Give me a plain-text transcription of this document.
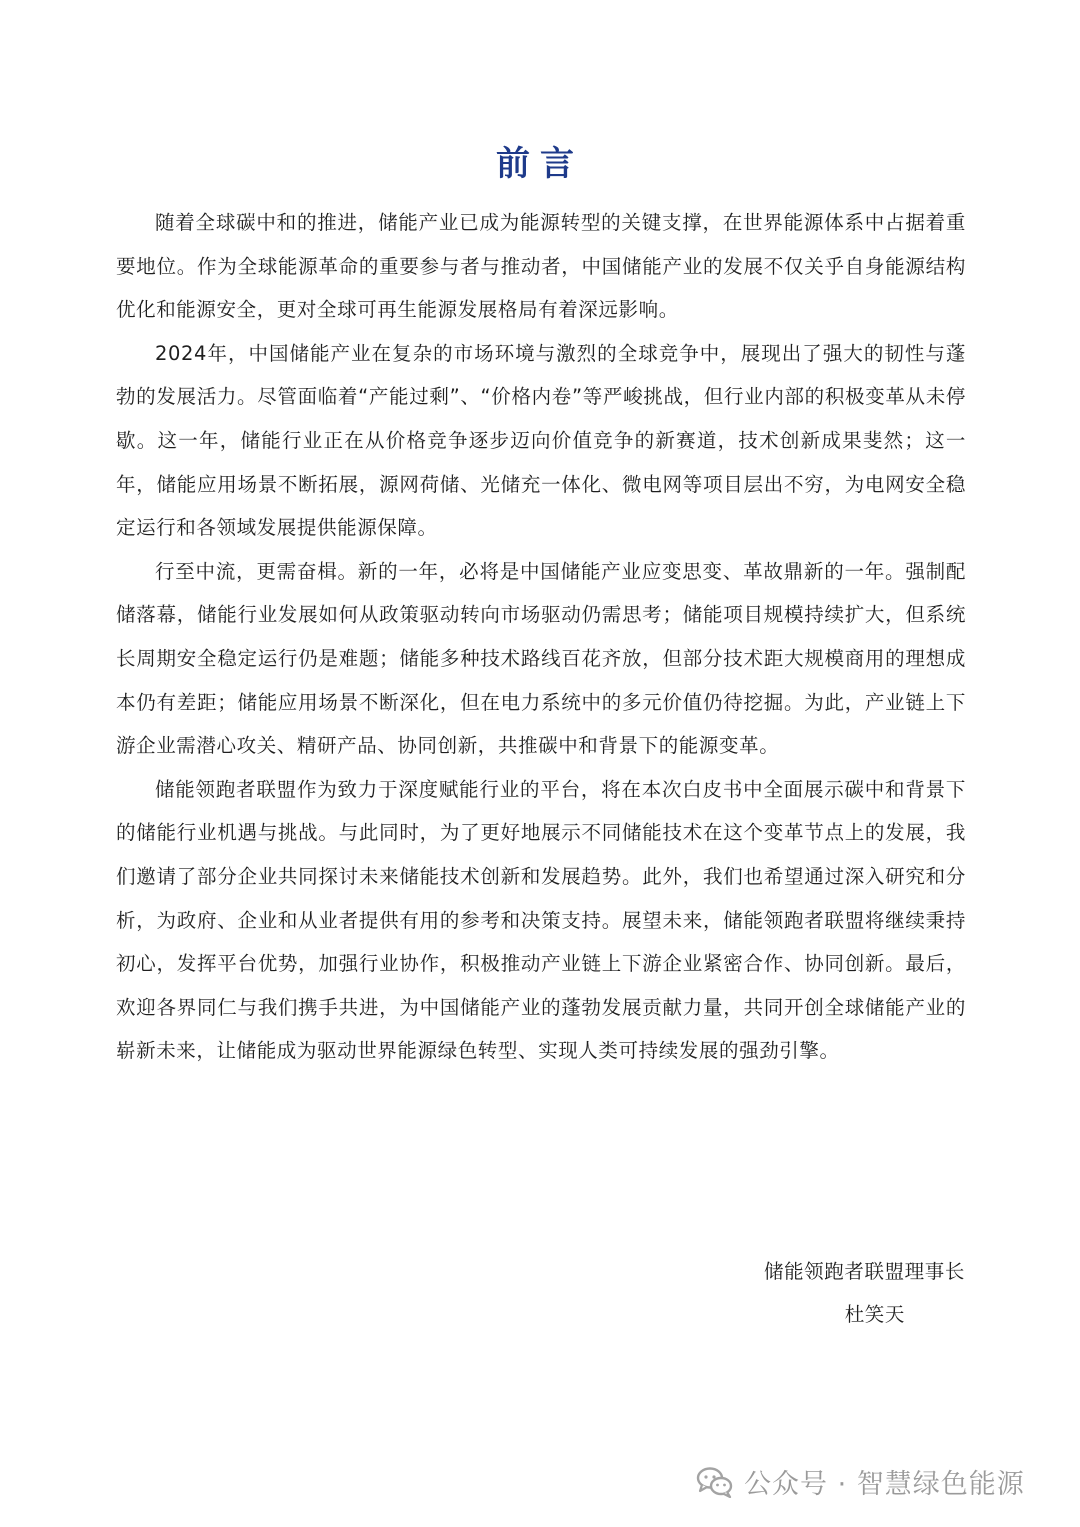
前言

随着全球碳中和的推进，储能产业已成为能源转型的关键支撑，在世界能源体系中占据着重要地位。作为全球能源革命的重要参与者与推动者，中国储能产业的发展不仅关乎自身能源结构优化和能源安全，更对全球可再生能源发展格局有着深远影响。

2024年，中国储能产业在复杂的市场环境与激烈的全球竞争中，展现出了强大的韧性与蓬勃的发展活力。尽管面临着“产能过剩”、“价格内卷”等严峻挑战，但行业内部的积极变革从未停歇。这一年，储能行业正在从价格竞争逐步迈向价值竞争的新赛道，技术创新成果斐然；这一年，储能应用场景不断拓展，源网荷储、光储充一体化、微电网等项目层出不穷，为电网安全稳定运行和各领域发展提供能源保障。

行至中流，更需奋楫。新的一年，必将是中国储能产业应变思变、革故鼎新的一年。强制配储落幕，储能行业发展如何从政策驱动转向市场驱动仍需思考；储能项目规模持续扩大，但系统长周期安全稳定运行仍是难题；储能多种技术路线百花齐放，但部分技术距大规模商用的理想成本仍有差距；储能应用场景不断深化，但在电力系统中的多元价值仍待挖掘。为此，产业链上下游企业需潜心攻关、精研产品、协同创新，共推碳中和背景下的能源变革。

储能领跑者联盟作为致力于深度赋能行业的平台，将在本次白皮书中全面展示碳中和背景下的储能行业机遇与挑战。与此同时，为了更好地展示不同储能技术在这个变革节点上的发展，我们邀请了部分企业共同探讨未来储能技术创新和发展趋势。此外，我们也希望通过深入研究和分析，为政府、企业和从业者提供有用的参考和决策支持。展望未来，储能领跑者联盟将继续秉持初心，发挥平台优势，加强行业协作，积极推动产业链上下游企业紧密合作、协同创新。最后，欢迎各界同仁与我们携手共进，为中国储能产业的蓬勃发展贡献力量，共同开创全球储能产业的崭新未来，让储能成为驱动世界能源绿色转型、实现人类可持续发展的强劲引擎。

储能领跑者联盟理事长
杜笑天
公众号 · 智慧绿色能源
